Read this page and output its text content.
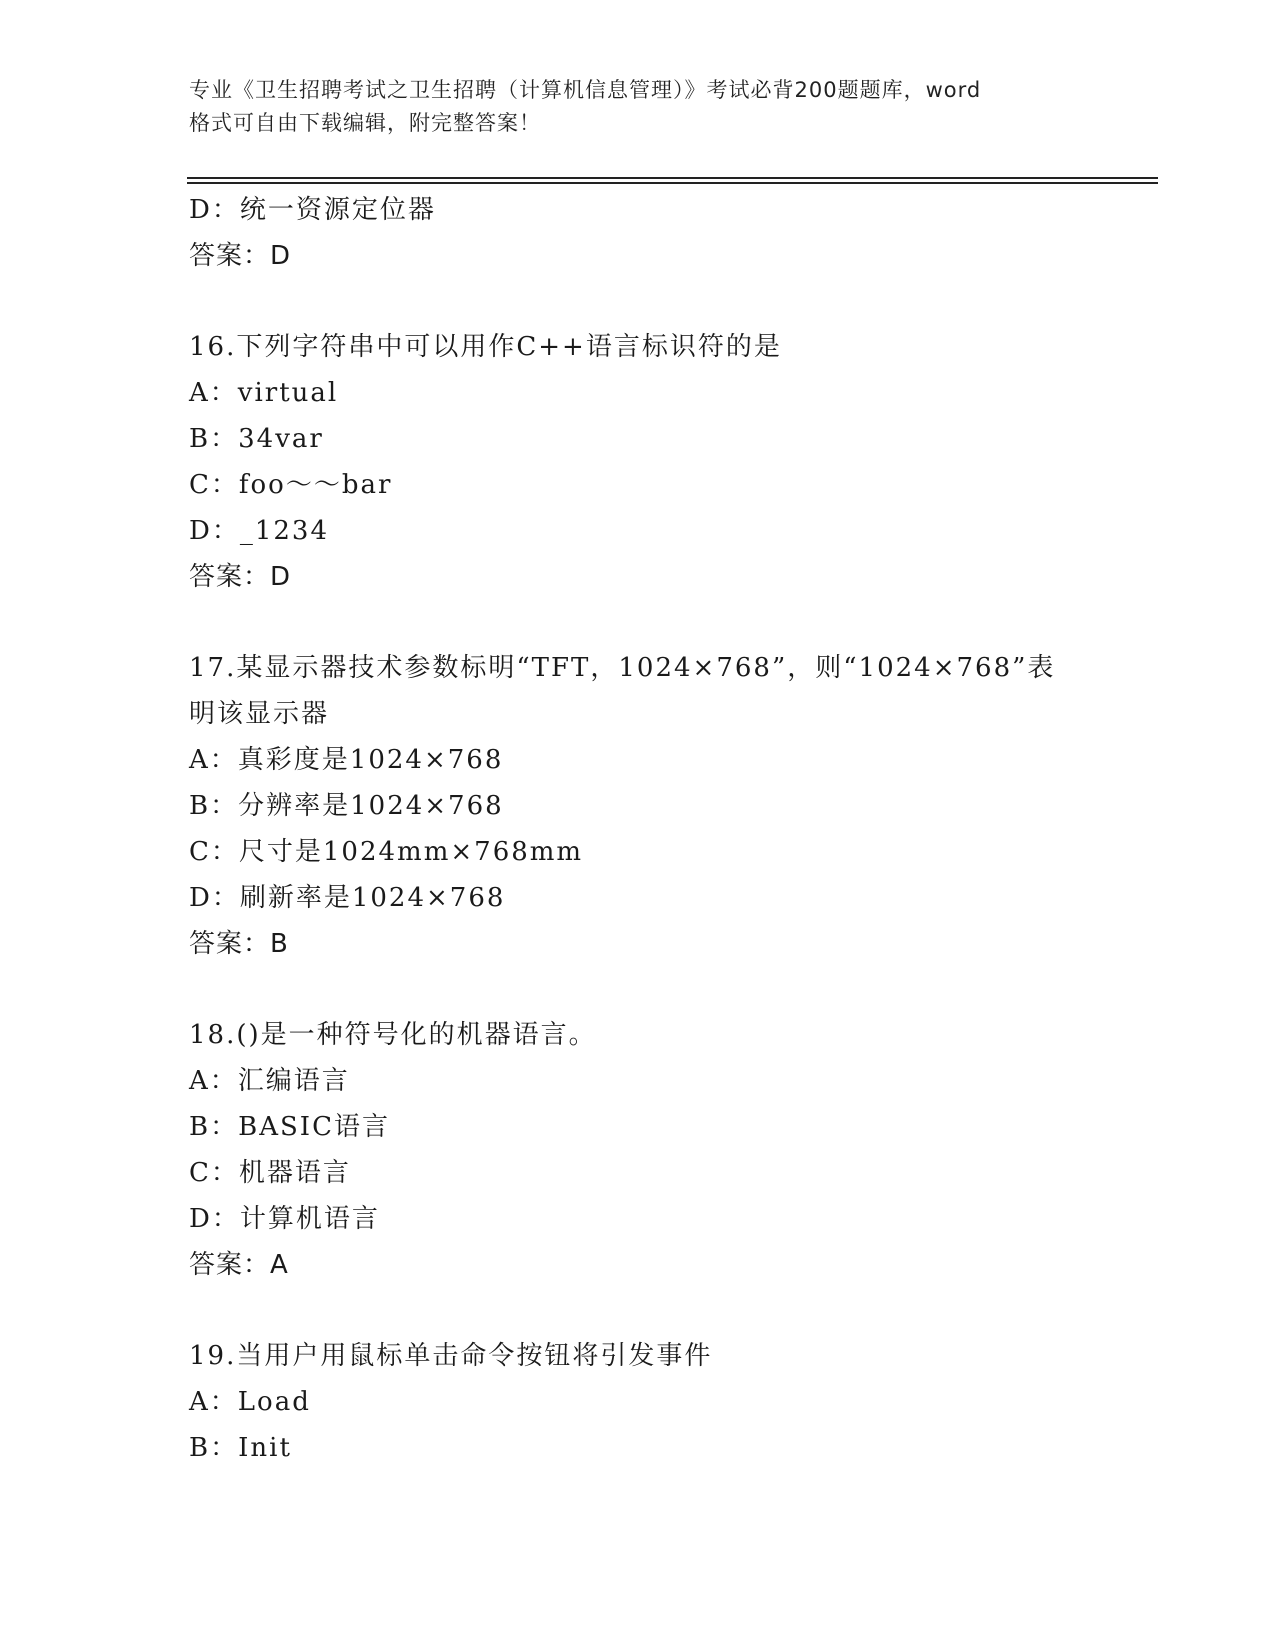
专业《卫生招聘考试之卫生招聘（计算机信息管理）》考试必背200题题库，word
格式可自由下载编辑，附完整答案！
D：统一资源定位器
答案：D
16.下列字符串中可以用作C++语言标识符的是
A：virtual
B：34var
C：foo～～bar
D：_1234
答案：D
17.某显示器技术参数标明“TFT，1024×768”，则“1024×768”表明该显示器
A：真彩度是1024×768
B：分辨率是1024×768
C：尺寸是1024mm×768mm
D：刷新率是1024×768
答案：B
18.()是一种符号化的机器语言。
A：汇编语言
B：BASIC语言
C：机器语言
D：计算机语言
答案：A
19.当用户用鼠标单击命令按钮将引发事件
A：Load
B：Init
